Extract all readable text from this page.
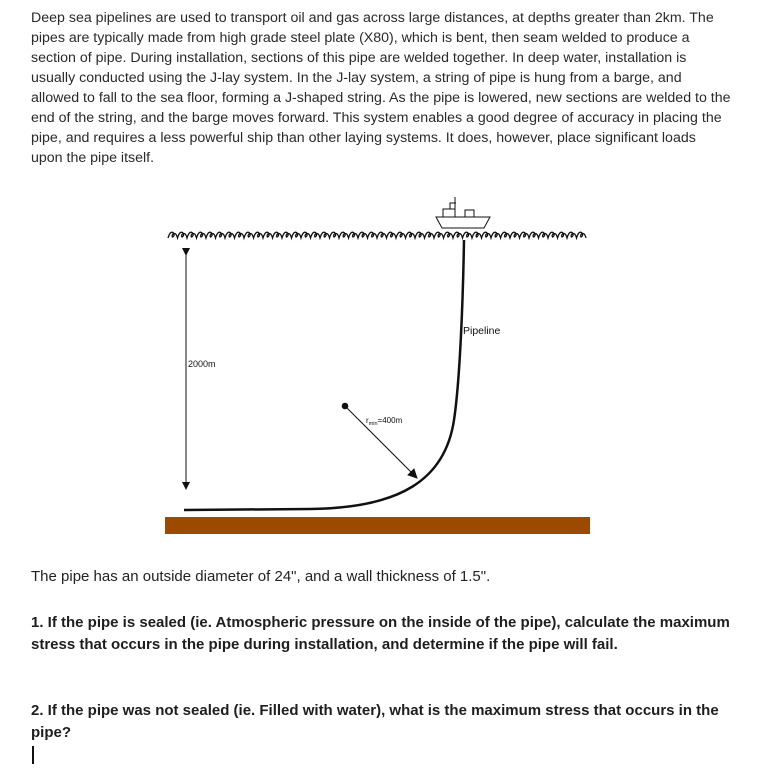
Deep sea pipelines are used to transport oil and gas across large distances, at depths greater than 2km. The pipes are typically made from high grade steel plate (X80), which is bent, then seam welded to produce a section of pipe. During installation, sections of this pipe are welded together. In deep water, installation is usually conducted using the J-lay system. In the J-lay system, a string of pipe is hung from a barge, and allowed to fall to the sea floor, forming a J-shaped string. As the pipe is lowered, new sections are welded to the end of the string, and the barge moves forward. This system enables a good degree of accuracy in placing the pipe, and requires a less powerful ship than other laying systems. It does, however, place significant loads upon the pipe itself.

2000m
Pipeline
$r_{min}=400m$

The pipe has an outside diameter of 24", and a wall thickness of 1.5".

1. If the pipe is sealed (ie. Atmospheric pressure on the inside of the pipe), calculate the maximum stress that occurs in the pipe during installation, and determine if the pipe will fail.

2. If the pipe was not sealed (ie. Filled with water), what is the maximum stress that occurs in the pipe?
